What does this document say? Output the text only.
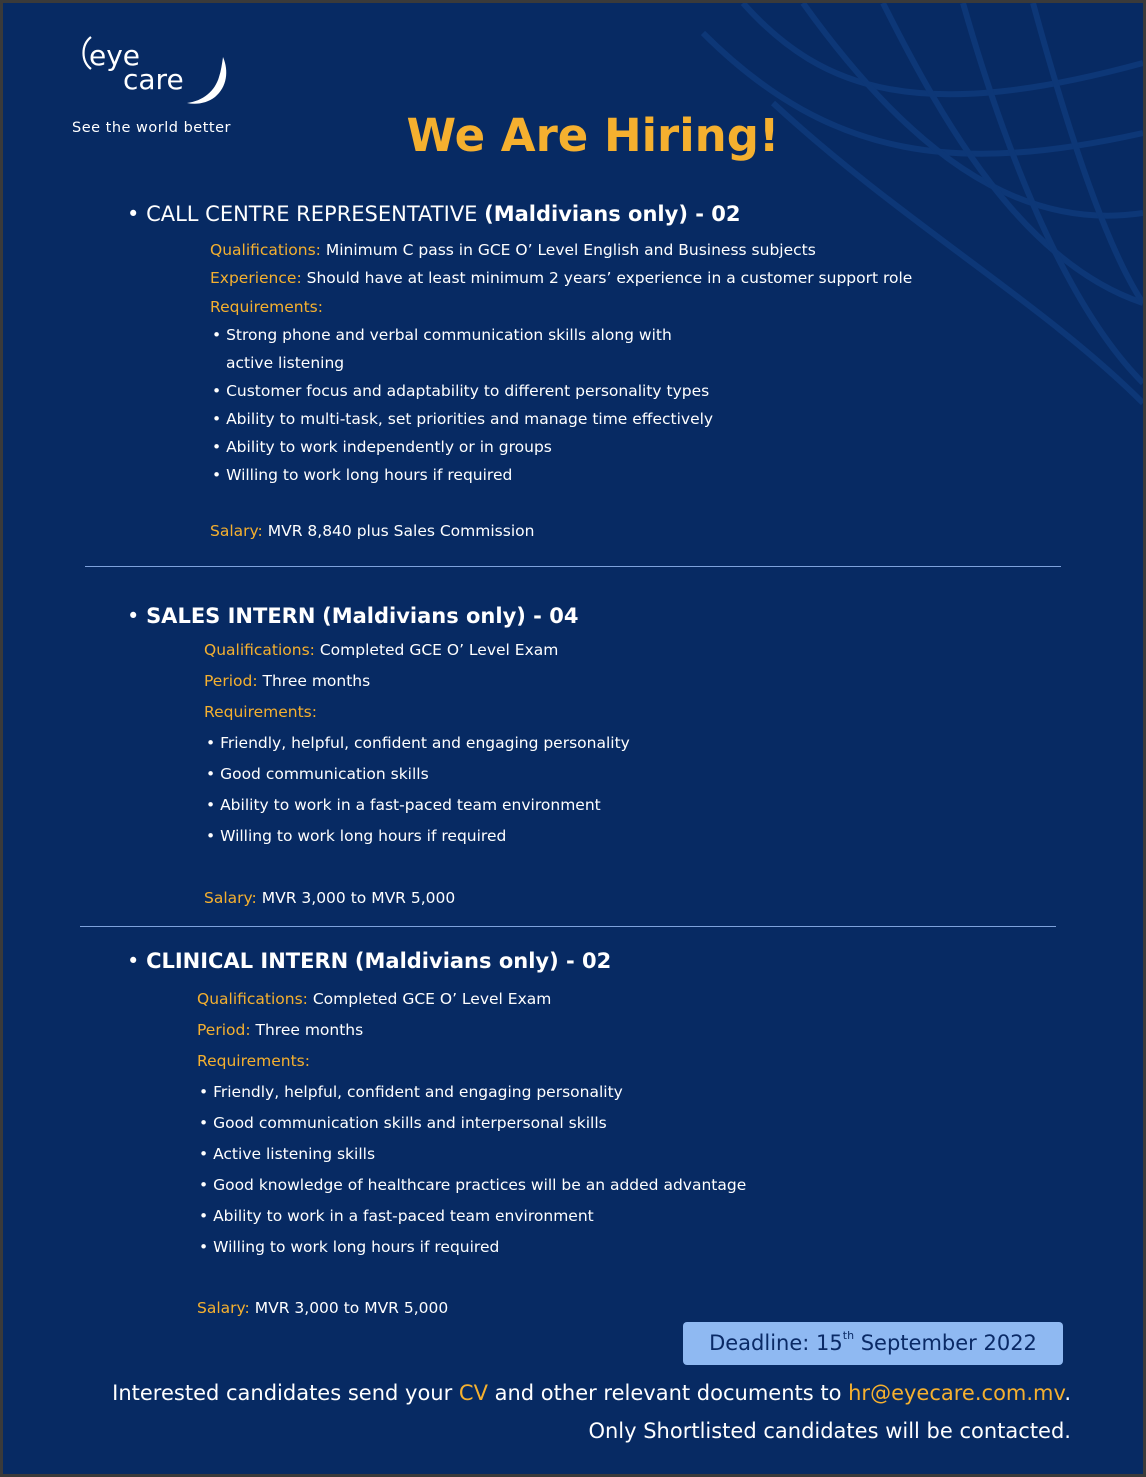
eye
care
See the world better	We Are Hiring!
• CALL CENTRE REPRESENTATIVE (Maldivians only) - 02
Qualifications: Minimum C pass in GCE O’ Level English and Business subjects
Experience: Should have at least minimum 2 years’ experience in a customer support role
Requirements:
• Strong phone and verbal communication skills along with
active listening
• Customer focus and adaptability to different personality types
• Ability to multi-task, set priorities and manage time effectively
• Ability to work independently or in groups
• Willing to work long hours if required
Salary: MVR 8,840 plus Sales Commission
• SALES INTERN (Maldivians only) - 04
Qualifications: Completed GCE O’ Level Exam
Period: Three months
Requirements:
• Friendly, helpful, confident and engaging personality
• Good communication skills
• Ability to work in a fast-paced team environment
• Willing to work long hours if required
Salary: MVR 3,000 to MVR 5,000
• CLINICAL INTERN (Maldivians only) - 02
Qualifications: Completed GCE O’ Level Exam
Period: Three months
Requirements:
• Friendly, helpful, confident and engaging personality
• Good communication skills and interpersonal skills
• Active listening skills
• Good knowledge of healthcare practices will be an added advantage
• Ability to work in a fast-paced team environment
• Willing to work long hours if required
Salary: MVR 3,000 to MVR 5,000
Deadline: 15th September 2022
Interested candidates send your CV and other relevant documents to hr@eyecare.com.mv.
Only Shortlisted candidates will be contacted.
